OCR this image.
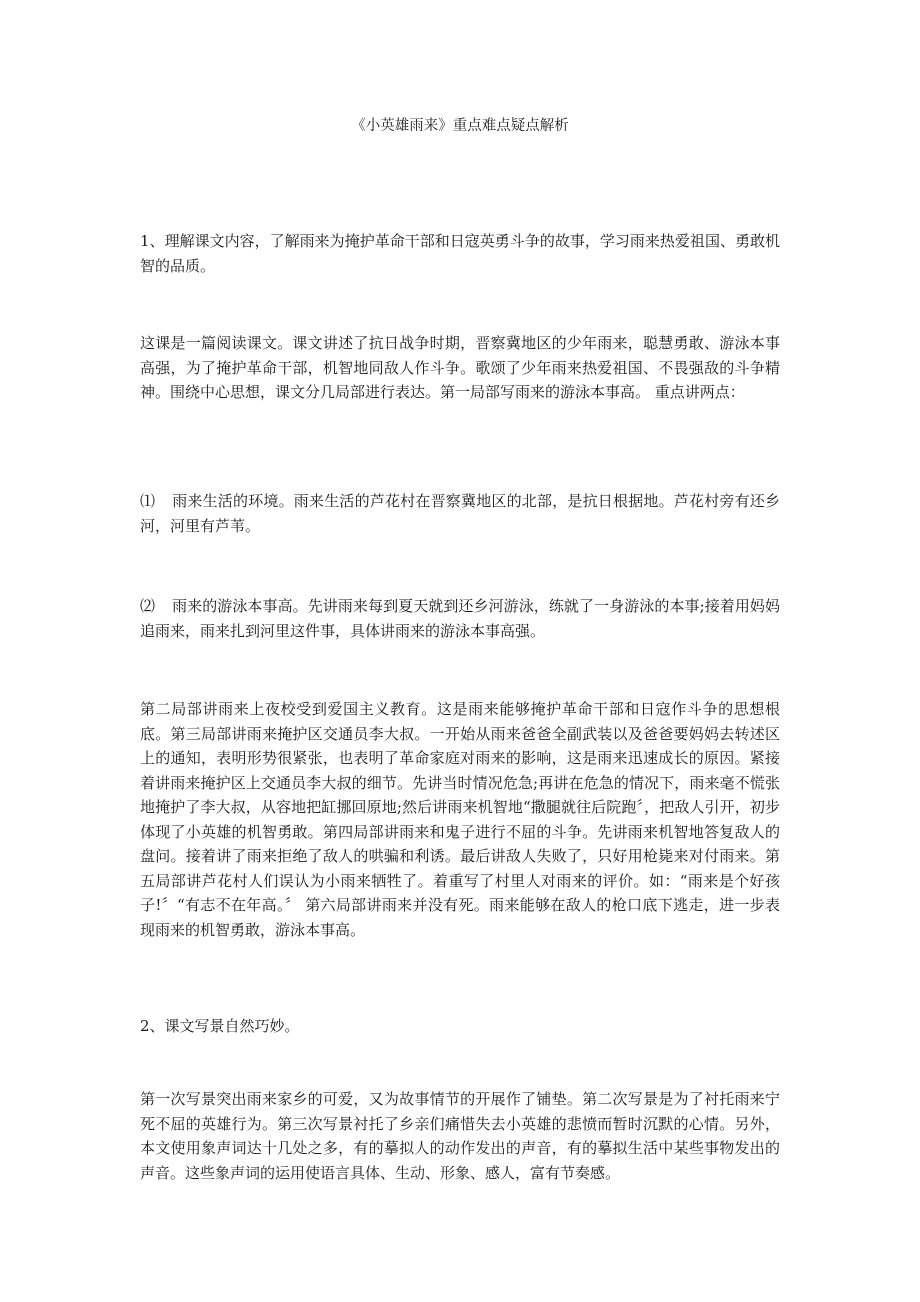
《小英雄雨来》重点难点疑点解析

1、理解课文内容，了解雨来为掩护革命干部和日寇英勇斗争的故事，学习雨来热爱祖国、勇敢机智的品质。

这课是一篇阅读课文。课文讲述了抗日战争时期，晋察冀地区的少年雨来，聪慧勇敢、游泳本事高强，为了掩护革命干部，机智地同敌人作斗争。歌颂了少年雨来热爱祖国、不畏强敌的斗争精神。围绕中心思想，课文分几局部进行表达。第一局部写雨来的游泳本事高。 重点讲两点：

⑴ 雨来生活的环境。雨来生活的芦花村在晋察冀地区的北部，是抗日根据地。芦花村旁有还乡河，河里有芦苇。

⑵ 雨来的游泳本事高。先讲雨来每到夏天就到还乡河游泳，练就了一身游泳的本事;接着用妈妈追雨来，雨来扎到河里这件事，具体讲雨来的游泳本事高强。

第二局部讲雨来上夜校受到爱国主义教育。这是雨来能够掩护革命干部和日寇作斗争的思想根底。第三局部讲雨来掩护区交通员李大叔。一开始从雨来爸爸全副武装以及爸爸要妈妈去转述区上的通知，表明形势很紧张，也表明了革命家庭对雨来的影响，这是雨来迅速成长的原因。紧接着讲雨来掩护区上交通员李大叔的细节。先讲当时情况危急;再讲在危急的情况下，雨来毫不慌张地掩护了李大叔，从容地把缸挪回原地;然后讲雨来机智地“撒腿就往后院跑〞，把敌人引开，初步体现了小英雄的机智勇敢。第四局部讲雨来和鬼子进行不屈的斗争。先讲雨来机智地答复敌人的盘问。接着讲了雨来拒绝了敌人的哄骗和利诱。最后讲敌人失败了，只好用枪毙来对付雨来。第五局部讲芦花村人们误认为小雨来牺牲了。着重写了村里人对雨来的评价。如：“雨来是个好孩子!〞“有志不在年高。〞 第六局部讲雨来并没有死。雨来能够在敌人的枪口底下逃走，进一步表现雨来的机智勇敢，游泳本事高。

2、课文写景自然巧妙。

第一次写景突出雨来家乡的可爱，又为故事情节的开展作了铺垫。第二次写景是为了衬托雨来宁死不屈的英雄行为。第三次写景衬托了乡亲们痛惜失去小英雄的悲愤而暂时沉默的心情。另外，本文使用象声词达十几处之多，有的摹拟人的动作发出的声音，有的摹拟生活中某些事物发出的声音。这些象声词的运用使语言具体、生动、形象、感人，富有节奏感。
